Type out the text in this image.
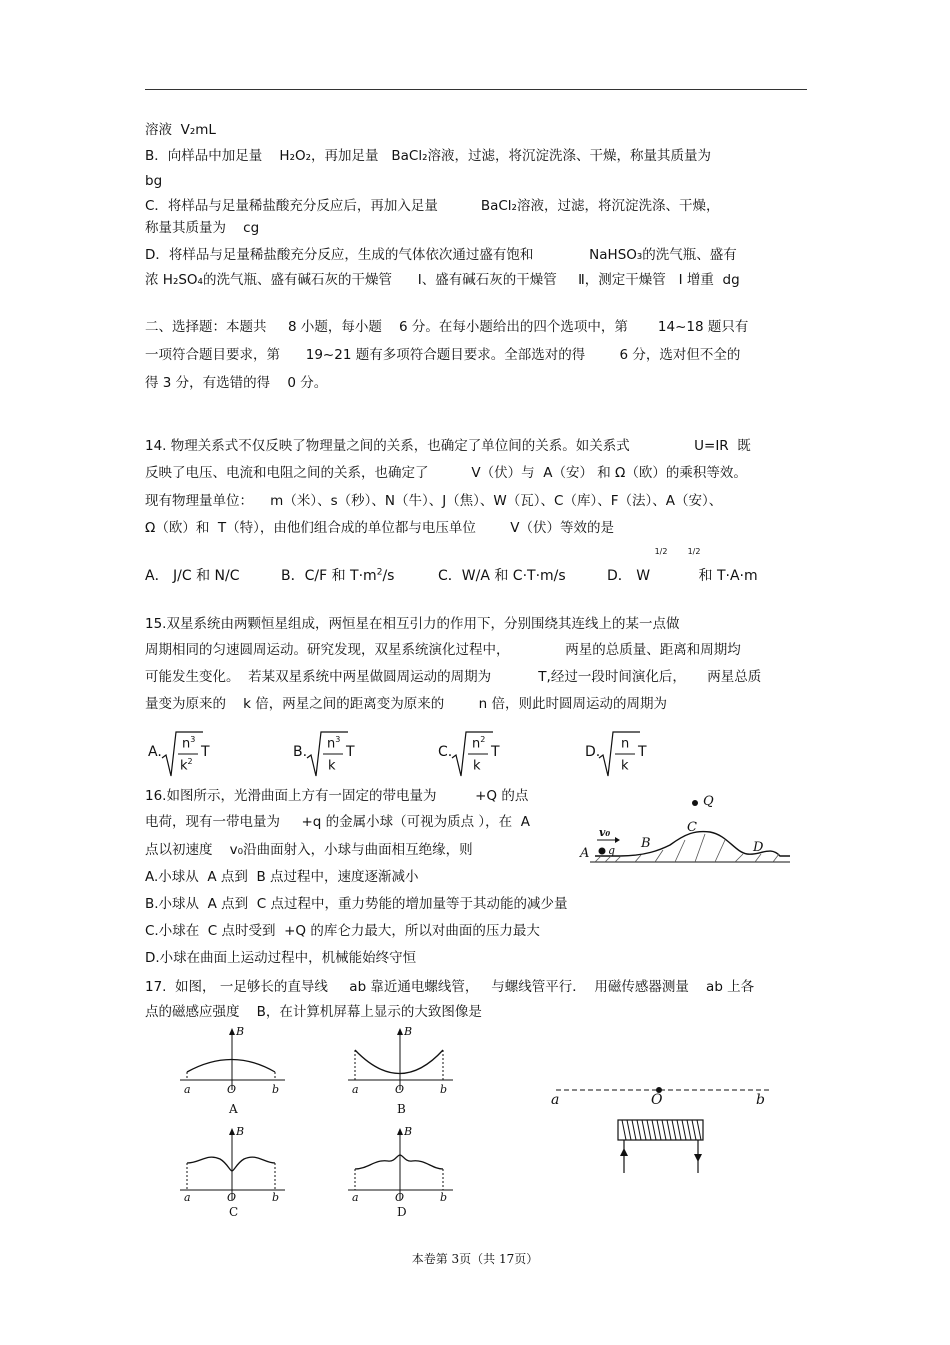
溶液  V₂mL
B．向样品中加足量    H₂O₂，再加足量   BaCl₂溶液，过滤，将沉淀洗涤、干燥，称量其质量为
bg
C．将样品与足量稀盐酸充分反应后，再加入足量          BaCl₂溶液，过滤，将沉淀洗涤、干燥，
称量其质量为    cg
D．将样品与足量稀盐酸充分反应，生成的气体依次通过盛有饱和             NaHSO₃的洗气瓶、盛有
浓 H₂SO₄的洗气瓶、盛有碱石灰的干燥管      Ⅰ、盛有碱石灰的干燥管     Ⅱ，测定干燥管   Ⅰ 增重  dg
二、选择题：本题共     8 小题，每小题    6 分。在每小题给出的四个选项中，第       14~18 题只有
一项符合题目要求，第      19~21 题有多项符合题目要求。全部选对的得        6 分，选对但不全的
得 3 分，有选错的得    0 分。
14. 物理关系式不仅反映了物理量之间的关系，也确定了单位间的关系。如关系式               U=IR  既
反映了电压、电流和电阻之间的关系，也确定了          V（伏）与  A（安） 和 Ω（欧）的乘积等效。
现有物理量单位：    m（米）、s（秒）、N（牛）、J（焦）、W（瓦）、C（库）、F（法）、A（安）、
Ω（欧）和  T（特），由他们组合成的单位都与电压单位        V（伏）等效的是
A． J/C 和 N/C	B．C/F 和 $T\cdot m^2/s$	C．W/A 和 C·T·m/s	D． W
1/2	1/2
和 T·A·m
15.双星系统由两颗恒星组成，两恒星在相互引力的作用下，分别围绕其连线上的某一点做
周期相同的匀速圆周运动。研究发现，双星系统演化过程中，             两星的总质量、距离和周期均
可能发生变化。  若某双星系统中两星做圆周运动的周期为           T,经过一段时间演化后，     两星总质
量变为原来的    k 倍，两星之间的距离变为原来的        n 倍，则此时圆周运动的周期为
A.
$n^3$
$k^2$
T	B.
$n^3$
k
T	C.
$n^2$
k
T	D.
n
k
T
16.如图所示，光滑曲面上方有一固定的带电量为         +Q 的点
电荷，现有一带电量为     +q 的金属小球（可视为质点 ），在  A
点以初速度    v₀沿曲面射入，小球与曲面相互绝缘，则
A.小球从  A 点到  B 点过程中，速度逐渐减小
B.小球从  A 点到  C 点过程中，重力势能的增加量等于其动能的减少量
C.小球在  C 点时受到  +Q 的库仑力最大，所以对曲面的压力最大
D.小球在曲面上运动过程中，机械能始终守恒
Q
v₀
q
A
B
C
D
17.  如图， 一足够长的直导线     ab 靠近通电螺线管，   与螺线管平行．  用磁传感器测量    ab 上各
点的磁感应强度    B，在计算机屏幕上显示的大致图像是
B
a	O	b
A
B
a	O	b
B
B
a	O	b
C
B
a	O	b
D
a	O	b
本卷第 3页（共 17页）
